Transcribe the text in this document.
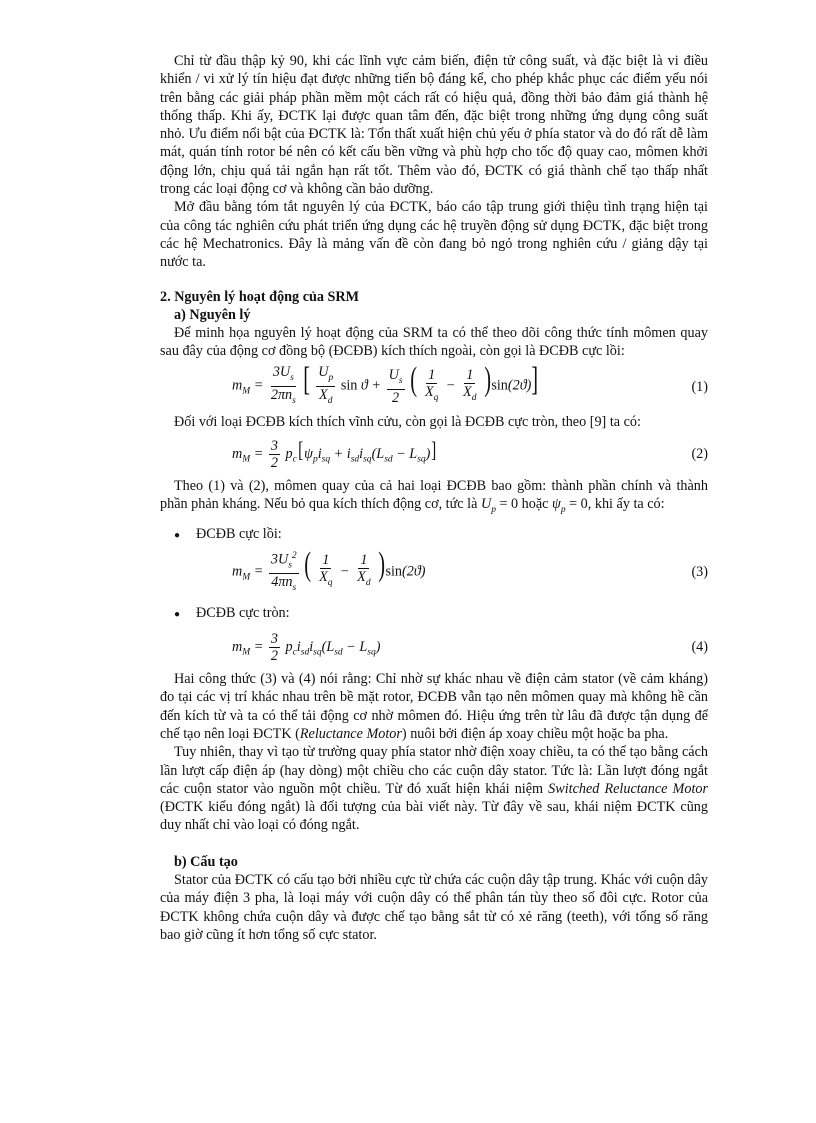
Chỉ từ đầu thập kỷ 90, khi các lĩnh vực cảm biến, điện tử công suất, và đặc biệt là vi điều khiển / vi xử lý tín hiệu đạt được những tiến bộ đáng kể, cho phép khắc phục các điểm yếu nói trên bằng các giải pháp phần mềm một cách rất có hiệu quả, đồng thời bảo đảm giá thành hệ thống thấp. Khi ấy, ĐCTK lại được quan tâm đến, đặc biệt trong những ứng dụng công suất nhỏ. Ưu điểm nổi bật của ĐCTK là: Tổn thất xuất hiện chủ yếu ở phía stator và do đó rất dễ làm mát, quán tính rotor bé nên có kết cấu bền vững và phù hợp cho tốc độ quay cao, mômen khởi động lớn, chịu quá tải ngắn hạn rất tốt. Thêm vào đó, ĐCTK có giá thành chế tạo thấp nhất trong các loại động cơ và không cần bảo dưỡng.

Mở đầu bằng tóm tắt nguyên lý của ĐCTK, báo cáo tập trung giới thiệu tình trạng hiện tại của công tác nghiên cứu phát triển ứng dụng các hệ truyền động sử dụng ĐCTK, đặc biệt trong các hệ Mechatronics. Đây là mảng vấn đề còn đang bỏ ngỏ trong nghiên cứu / giảng dậy tại nước ta.

2. Nguyên lý hoạt động của SRM

a) Nguyên lý

Để minh họa nguyên lý hoạt động của SRM ta có thể theo dõi công thức tính mômen quay sau đây của động cơ đồng bộ (ĐCĐB) kích thích ngoài, còn gọi là ĐCĐB cực lồi:

$m_M = \frac{3U_s}{2\pi n_s}$ [ $\frac{U_p}{X_d}$ $\sin ϑ + \frac{U_s}{2}$ ( $\frac{1}{X_q} - \frac{1}{X_d} )\sin(2ϑ)$]	(1)

Đối với loại ĐCĐB kích thích vĩnh cửu, còn gọi là ĐCĐB cực tròn, theo [9] ta có:

$m_M = \frac{3}{2} p_c[\psi_pi_{sq} + i_{sd}i_{sq}(L_{sd} - L_{sq})]$	(2)

Theo (1) và (2), mômen quay của cả hai loại ĐCĐB bao gồm: thành phần chính và thành phần phản kháng. Nếu bỏ qua kích thích động cơ, tức là $U_p = 0$ hoặc $\psi_p = 0$, khi ấy ta có:

●	ĐCĐB cực lồi:
$m_M = \frac{3U_s^2}{4\pi n_s}$ ( $\frac{1}{X_q} - \frac{1}{X_d} )\sin(2ϑ)$	(3)
●	ĐCĐB cực tròn:
$m_M = \frac{3}{2} p_ci_{sd}i_{sq}(L_{sd} - L_{sq})$	(4)

Hai công thức (3) và (4) nói rằng: Chỉ nhờ sự khác nhau về điện cảm stator (về cảm kháng) đo tại các vị trí khác nhau trên bề mặt rotor, ĐCĐB vẫn tạo nên mômen quay mà không hề cần đến kích từ và ta có thể tải động cơ nhờ mômen đó. Hiệu ứng trên từ lâu đã được tận dụng để chế tạo nên loại ĐCTK (Reluctance Motor) nuôi bởi điện áp xoay chiều một hoặc ba pha.

Tuy nhiên, thay vì tạo từ trường quay phía stator nhờ điện xoay chiều, ta có thể tạo bằng cách lần lượt cấp điện áp (hay dòng) một chiều cho các cuộn dây stator. Tức là: Lần lượt đóng ngắt các cuộn stator vào nguồn một chiều. Từ đó xuất hiện khái niệm Switched Reluctance Motor (ĐCTK kiểu đóng ngắt) là đối tượng của bài viết này. Từ đây về sau, khái niệm ĐCTK cũng duy nhất chỉ vào loại có đóng ngắt.

b) Cấu tạo

Stator của ĐCTK có cấu tạo bởi nhiều cực từ chứa các cuộn dây tập trung. Khác với cuộn dây của máy điện 3 pha, là loại máy với cuộn dây có thể phân tán tùy theo số đôi cực. Rotor của ĐCTK không chứa cuộn dây và được chế tạo bằng sắt từ có xẻ răng (teeth), với tổng số răng bao giờ cũng ít hơn tổng số cực stator.
